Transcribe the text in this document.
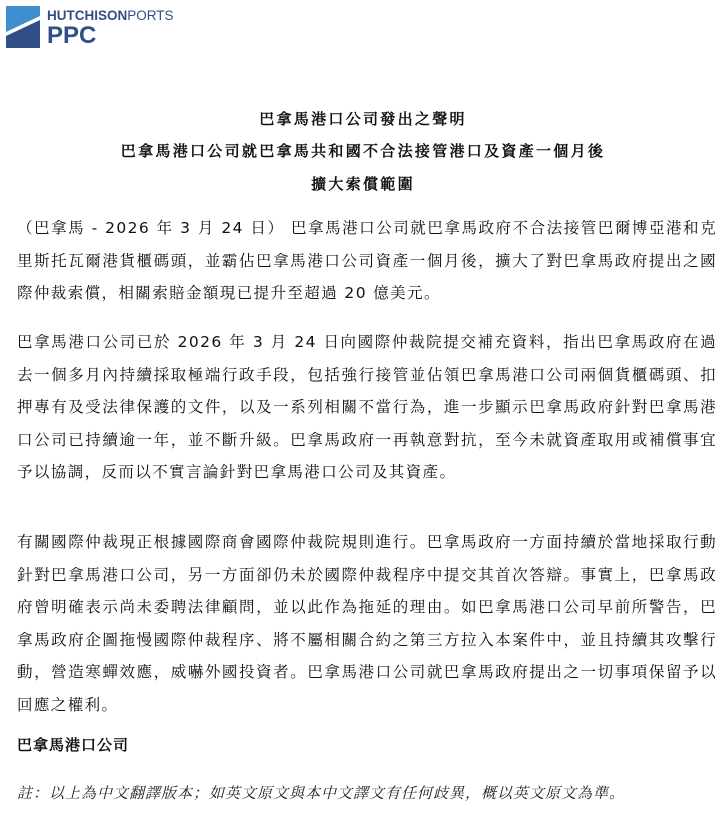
HUTCHISONPORTS
PPC
巴拿馬港口公司發出之聲明
巴拿馬港口公司就巴拿馬共和國不合法接管港口及資產一個月後
擴大索償範圍
（巴拿馬 - 2026 年 3 月 24 日） 巴拿馬港口公司就巴拿馬政府不合法接管巴爾博亞港和克里斯托瓦爾港貨櫃碼頭，並霸佔巴拿馬港口公司資產一個月後，擴大了對巴拿馬政府提出之國際仲裁索償，相關索賠金額現已提升至超過 20 億美元。
巴拿馬港口公司已於 2026 年 3 月 24 日向國際仲裁院提交補充資料，指出巴拿馬政府在過去一個多月內持續採取極端行政手段，包括強行接管並佔領巴拿馬港口公司兩個貨櫃碼頭、扣押專有及受法律保護的文件，以及一系列相關不當行為，進一步顯示巴拿馬政府針對巴拿馬港口公司已持續逾一年，並不斷升級。巴拿馬政府一再執意對抗，至今未就資產取用或補償事宜予以協調，反而以不實言論針對巴拿馬港口公司及其資產。
有關國際仲裁現正根據國際商會國際仲裁院規則進行。巴拿馬政府一方面持續於當地採取行動針對巴拿馬港口公司，另一方面卻仍未於國際仲裁程序中提交其首次答辯。事實上，巴拿馬政府曾明確表示尚未委聘法律顧問，並以此作為拖延的理由。如巴拿馬港口公司早前所警告，巴拿馬政府企圖拖慢國際仲裁程序、將不屬相關合約之第三方拉入本案件中，並且持續其攻擊行動，營造寒蟬效應，威嚇外國投資者。巴拿馬港口公司就巴拿馬政府提出之一切事項保留予以回應之權利。
巴拿馬港口公司
註：以上為中文翻譯版本；如英文原文與本中文譯文有任何歧異，概以英文原文為準。
